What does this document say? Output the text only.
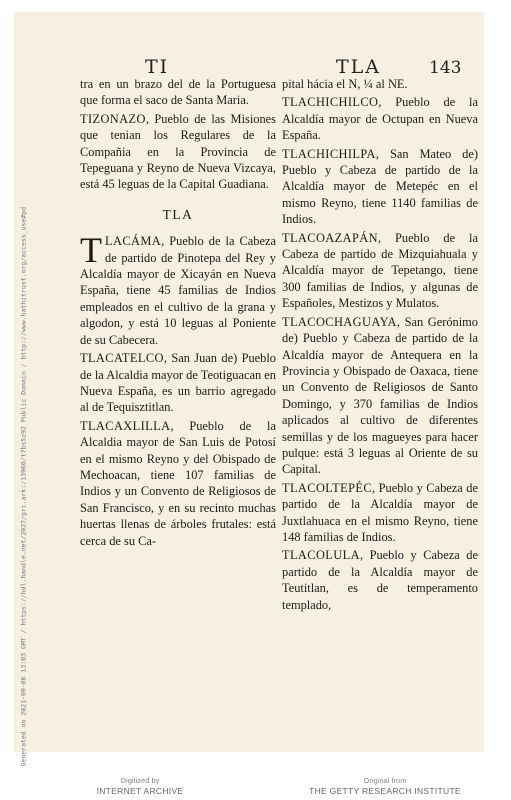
Generated on 2021-09-06 13:03 GMT / https://hdl.handle.net/2027/gri.ark:/13960/t7bs5z92 Public Domain / http://www.hathitrust.org/access_use#pd
TI	TLA	143

tra en un brazo del de la Portuguesa que forma el saco de Santa Maria.

TIZONAZO, Pueblo de las Misiones que tenian los Regulares de la Compañia en la Provincia de Tepeguana y Reyno de Nueva Vizcaya, está 45 leguas de la Capital Guadiana.

TLA

TLACÁMA, Pueblo de la Cabeza de partido de Pinotepa del Rey y Alcaldía mayor de Xicayán en Nueva España, tiene 45 familias de Indios empleados en el cultivo de la grana y algodon, y está 10 leguas al Poniente de su Cabecera.

TLACATELCO, San Juan de) Pueblo de la Alcaldia mayor de Teotiguacan en Nueva España, es un barrio agregado al de Tequisztitlan.

TLACAXLILLA, Pueblo de la Alcaldia mayor de San Luis de Potosí en el mismo Reyno y del Obispado de Mechoacan, tiene 107 familias de Indios y un Convento de Religiosos de San Francisco, y en su recinto muchas huertas llenas de árboles frutales: está cerca de su Ca-

pital hácia el N, ¼ al NE.

TLACHICHILCO, Pueblo de la Alcaldía mayor de Octupan en Nueva España.

TLACHICHILPA, San Mateo de) Pueblo y Cabeza de partido de la Alcaldía mayor de Metepéc en el mismo Reyno, tiene 1140 familias de Indios.

TLACOAZAPÁN, Pueblo de la Cabeza de partido de Mizquiahuala y Alcaldía mayor de Tepetango, tiene 300 familias de Indios, y algunas de Españoles, Mestizos y Mulatos.

TLACOCHAGUAYA, San Gerónimo de) Pueblo y Cabeza de partido de la Alcaldía mayor de Antequera en la Provincia y Obispado de Oaxaca, tiene un Convento de Religiosos de Santo Domingo, y 370 familias de Indios aplicados al cultivo de diferentes semillas y de los magueyes para hacer pulque: está 3 leguas al Oriente de su Capital.

TLACOLTEPÉC, Pueblo y Cabeza de partido de la Alcaldía mayor de Juxtlahuaca en el mismo Reyno, tiene 148 familias de Indios.

TLACOLULA, Pueblo y Cabeza de partido de la Alcaldía mayor de Teutitlan, es de temperamento templado,

Digitized by
INTERNET ARCHIVE
Original from
THE GETTY RESEARCH INSTITUTE
